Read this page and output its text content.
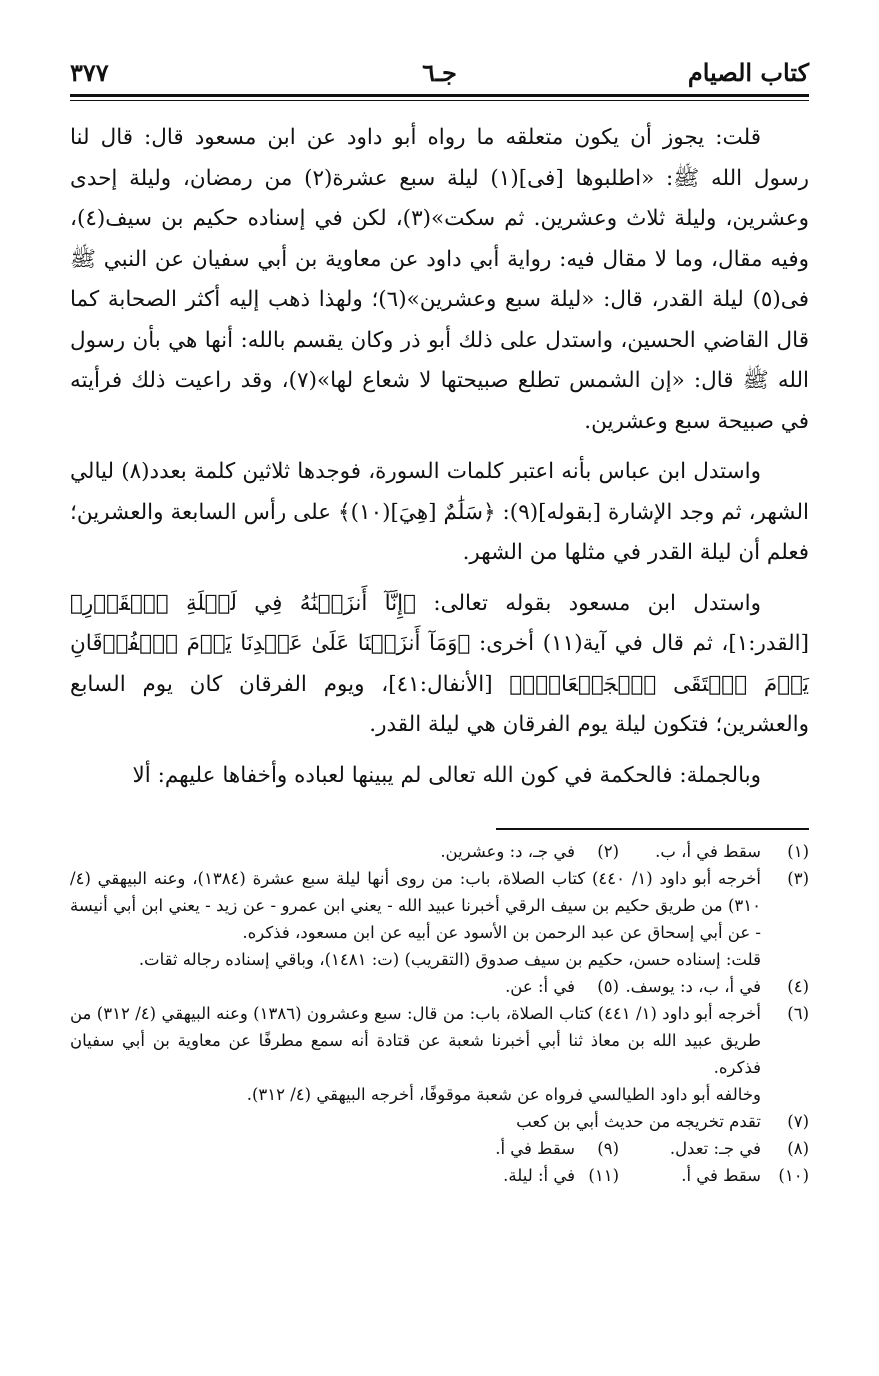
كتاب الصيام
جـ٦
٣٧٧

قلت: يجوز أن يكون متعلقه ما رواه أبو داود عن ابن مسعود قال: قال لنا رسول الله ﷺ: «اطلبوها [فى](١) ليلة سبع عشرة(٢) من رمضان، وليلة إحدى وعشرين، وليلة ثلاث وعشرين. ثم سكت»(٣)، لكن في إسناده حكيم بن سيف(٤)، وفيه مقال، وما لا مقال فيه: رواية أبي داود عن معاوية بن أبي سفيان عن النبي ﷺ فى(٥) ليلة القدر، قال: «ليلة سبع وعشرين»(٦)؛ ولهذا ذهب إليه أكثر الصحابة كما قال القاضي الحسين، واستدل على ذلك أبو ذر وكان يقسم بالله: أنها هي بأن رسول الله ﷺ قال: «إن الشمس تطلع صبيحتها لا شعاع لها»(٧)، وقد راعيت ذلك فرأيته في صبيحة سبع وعشرين.

واستدل ابن عباس بأنه اعتبر كلمات السورة، فوجدها ثلاثين كلمة بعدد(٨) ليالي الشهر، ثم وجد الإشارة [بقوله](٩): ﴿سَلَٰمٌ [هِيَ](١٠)﴾ على رأس السابعة والعشرين؛ فعلم أن ليلة القدر في مثلها من الشهر.

واستدل ابن مسعود بقوله تعالى: ﴿إِنَّآ أَنزَلۡنَٰهُ فِي لَيۡلَةِ ٱلۡقَدۡرِ﴾ [القدر:١]، ثم قال في آية(١١) أخرى: ﴿وَمَآ أَنزَلۡنَا عَلَىٰ عَبۡدِنَا يَوۡمَ ٱلۡفُرۡقَانِ يَوۡمَ ٱلۡتَقَى ٱلۡجَمۡعَانِۗ﴾ [الأنفال:٤١]، ويوم الفرقان كان يوم السابع والعشرين؛ فتكون ليلة يوم الفرقان هي ليلة القدر.

وبالجملة: فالحكمة في كون الله تعالى لم يبينها لعباده وأخفاها عليهم: ألا

(١)
سقط في أ، ب.
(٢)
في جـ، د: وعشرين.
(٣)
أخرجه أبو داود (١/ ٤٤٠) كتاب الصلاة، باب: من روى أنها ليلة سبع عشرة (١٣٨٤)، وعنه البيهقي (٤/ ٣١٠) من طريق حكيم بن سيف الرقي أخبرنا عبيد الله - يعني ابن عمرو - عن زيد - يعني ابن أبي أنيسة - عن أبي إسحاق عن عبد الرحمن بن الأسود عن أبيه عن ابن مسعود، فذكره.
قلت: إسناده حسن، حكيم بن سيف صدوق (التقريب) (ت: ١٤٨١)، وباقي إسناده رجاله ثقات.
(٤)
في أ، ب، د: يوسف.
(٥)
في أ: عن.
(٦)
أخرجه أبو داود (١/ ٤٤١) كتاب الصلاة، باب: من قال: سبع وعشرون (١٣٨٦) وعنه البيهقي (٤/ ٣١٢) من طريق عبيد الله بن معاذ ثنا أبي أخبرنا شعبة عن قتادة أنه سمع مطرفًا عن معاوية بن أبي سفيان فذكره.
وخالفه أبو داود الطيالسي فرواه عن شعبة موقوفًا، أخرجه البيهقي (٤/ ٣١٢).
(٧)
تقدم تخريجه من حديث أبي بن كعب
(٨)
في جـ: تعدل.
(٩)
سقط في أ.
(١٠)
سقط في أ.
(١١)
في أ: ليلة.
